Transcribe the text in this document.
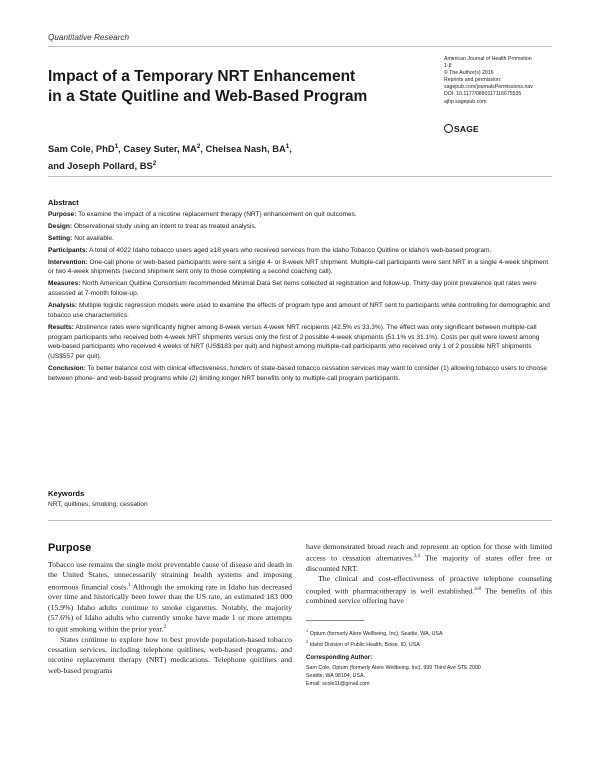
Quantitative Research
American Journal of Health Promotion
1-8
© The Author(s) 2016
Reprints and permission:
sagepub.com/journalsPermissions.nav
DOI: 10.1177/0890117116675535
ajhp.sagepub.com
SAGE
Impact of a Temporary NRT Enhancement
in a State Quitline and Web-Based Program
Sam Cole, PhD$^1$, Casey Suter, $MA^2$, Chelsea Nash, $BA^1$,
and Joseph Pollard, $BS^2$
Abstract

Purpose: To examine the impact of a nicotine replacement therapy (NRT) enhancement on quit outcomes.

Design: Observational study using an intent to treat as treated analysis.

Setting: Not available.

Participants: A total of 4022 Idaho tobacco users aged ≥18 years who received services from the Idaho Tobacco Quitline or Idaho's web-based program.

Intervention: One-call phone or web-based participants were sent a single 4- or 8-week NRT shipment. Multiple-call participants were sent NRT in a single 4-week shipment or two 4-week shipments (second shipment sent only to those completing a second coaching call).

Measures: North American Quitline Consortium recommended Minimal Data Set items collected at registration and follow-up. Thirty-day point prevalence quit rates were assessed at 7-month follow-up.

Analysis: Multiple logistic regression models were used to examine the effects of program type and amount of NRT sent to participants while controlling for demographic and tobacco use characteristics.

Results: Abstinence rates were significantly higher among 8-week versus 4-week NRT recipients (42.5% vs 33.3%). The effect was only significant between multiple-call program participants who received both 4-week NRT shipments versus only the first of 2 possible 4-week shipments (51.1% vs 31.1%). Costs per quit were lowest among web-based participants who received 4 weeks of NRT (US$183 per quit) and highest among multiple-call participants who received only 1 of 2 possible NRT shipments (US$557 per quit).

Conclusion: To better balance cost with clinical effectiveness, funders of state-based tobacco cessation services may want to consider (1) allowing tobacco users to choose between phone- and web-based programs while (2) limiting longer NRT benefits only to multiple-call program participants.

Keywords
NRT, quitlines, smoking, cessation
Purpose

Tobacco use remains the single most preventable cause of disease and death in the United States, unnecessarily straining health systems and imposing enormous financial costs.$^1$ Although the smoking rate in Idaho has decreased over time and historically been lower than the US rate, an estimated 183 000 (15.9%) Idaho adults continue to smoke cigarettes. Notably, the majority (57.6%) of Idaho adults who currently smoke have made 1 or more attempts to quit smoking within the prior year.$^2$

States continue to explore how to best provide population-based tobacco cessation services, including telephone quitlines, web-based programs, and nicotine replacement therapy (NRT) medications. Telephone quitlines and web-based programs

have demonstrated broad reach and represent an option for those with limited access to cessation alternatives.$^{3,4}$ The majority of states offer free or discounted NRT.

The clinical and cost-effectiveness of proactive telephone counseling coupled with pharmacotherapy is well established.$^{4-8}$ The benefits of this combined service offering have

$^1$ Optum (formerly Alere Wellbeing, Inc), Seattle, WA, USA
$^2$ Idaho Division of Public Health, Boise, ID, USA
Corresponding Author:
Sam Cole, Optum (formerly Alere Wellbeing, Inc), 999 Third Ave STE 2000
Seattle, WA 98104, USA.
Email: scole11@gmail.com
